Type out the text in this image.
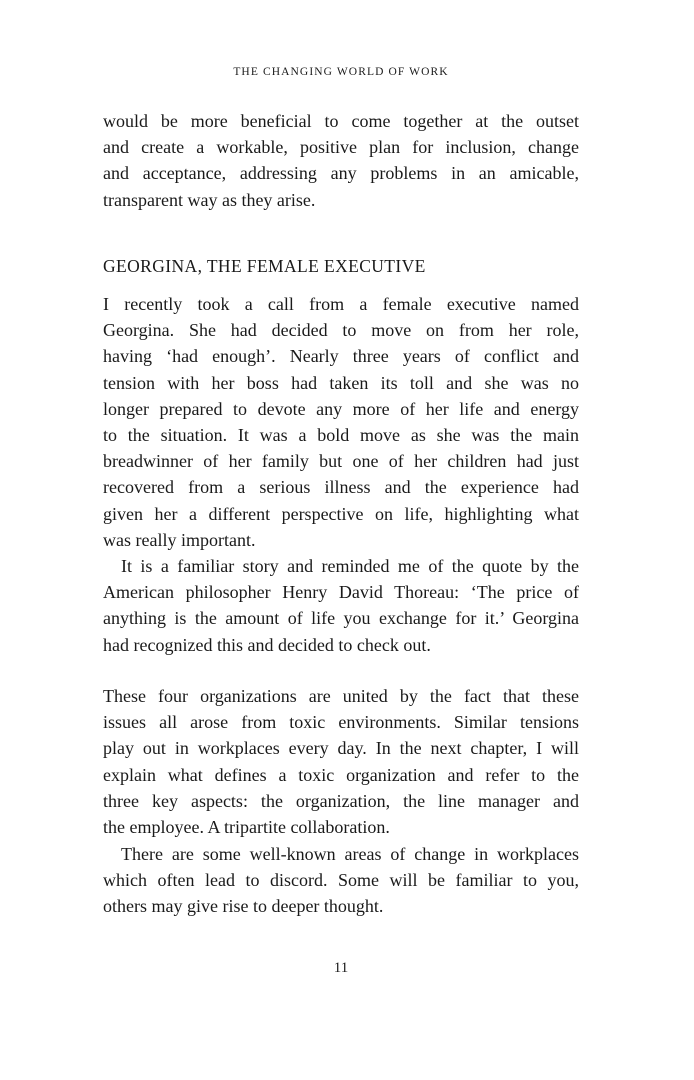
THE CHANGING WORLD OF WORK

would be more beneficial to come together at the outset
and create a workable, positive plan for inclusion, change
and acceptance, addressing any problems in an amicable,
transparent way as they arise.

GEORGINA, THE FEMALE EXECUTIVE

I recently took a call from a female executive named
Georgina. She had decided to move on from her role,
having ‘had enough’. Nearly three years of conflict and
tension with her boss had taken its toll and she was no
longer prepared to devote any more of her life and energy
to the situation. It was a bold move as she was the main
breadwinner of her family but one of her children had just
recovered from a serious illness and the experience had
given her a different perspective on life, highlighting what
was really important.

It is a familiar story and reminded me of the quote by the
American philosopher Henry David Thoreau: ‘The price of
anything is the amount of life you exchange for it.’ Georgina
had recognized this and decided to check out.

These four organizations are united by the fact that these
issues all arose from toxic environments. Similar tensions
play out in workplaces every day. In the next chapter, I will
explain what defines a toxic organization and refer to the
three key aspects: the organization, the line manager and
the employee. A tripartite collaboration.

There are some well-known areas of change in workplaces
which often lead to discord. Some will be familiar to you,
others may give rise to deeper thought.

11
